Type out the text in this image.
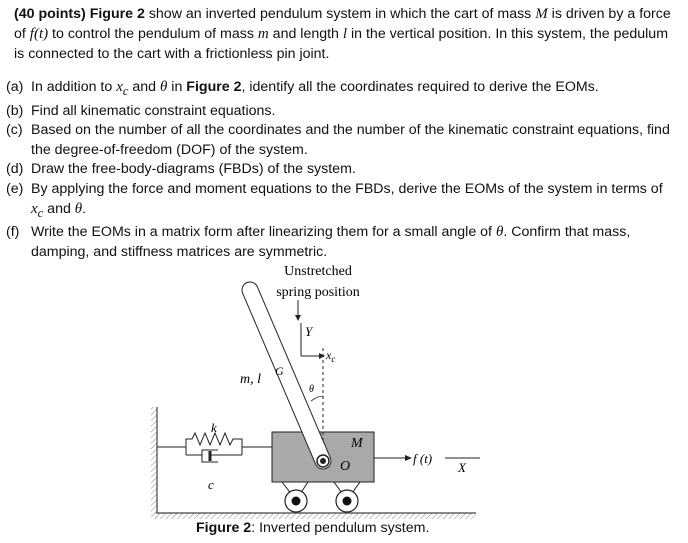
(40 points) Figure 2 show an inverted pendulum system in which the cart of mass M is driven by a force of f(t) to control the pendulum of mass m and length l in the vertical position. In this system, the pedulum is connected to the cart with a frictionless pin joint.
(a) In addition to $x_c$ and θ in Figure 2, identify all the coordinates required to derive the EOMs.
(b) Find all kinematic constraint equations.
(c) Based on the number of all the coordinates and the number of the kinematic constraint equations, find the degree-of-freedom (DOF) of the system.
(d) Draw the free-body-diagrams (FBDs) of the system.
(e) By applying the force and moment equations to the FBDs, derive the EOMs of the system in terms of $x_c$ and θ.
(f) Write the EOMs in a matrix form after linearizing them for a small angle of θ. Confirm that mass, damping, and stiffness matrices are symmetric.
Unstretched
spring position
Y
$x_c$
G
θ
m, l
k
c
M
O
f (t)
X
Figure 2: Inverted pendulum system.
